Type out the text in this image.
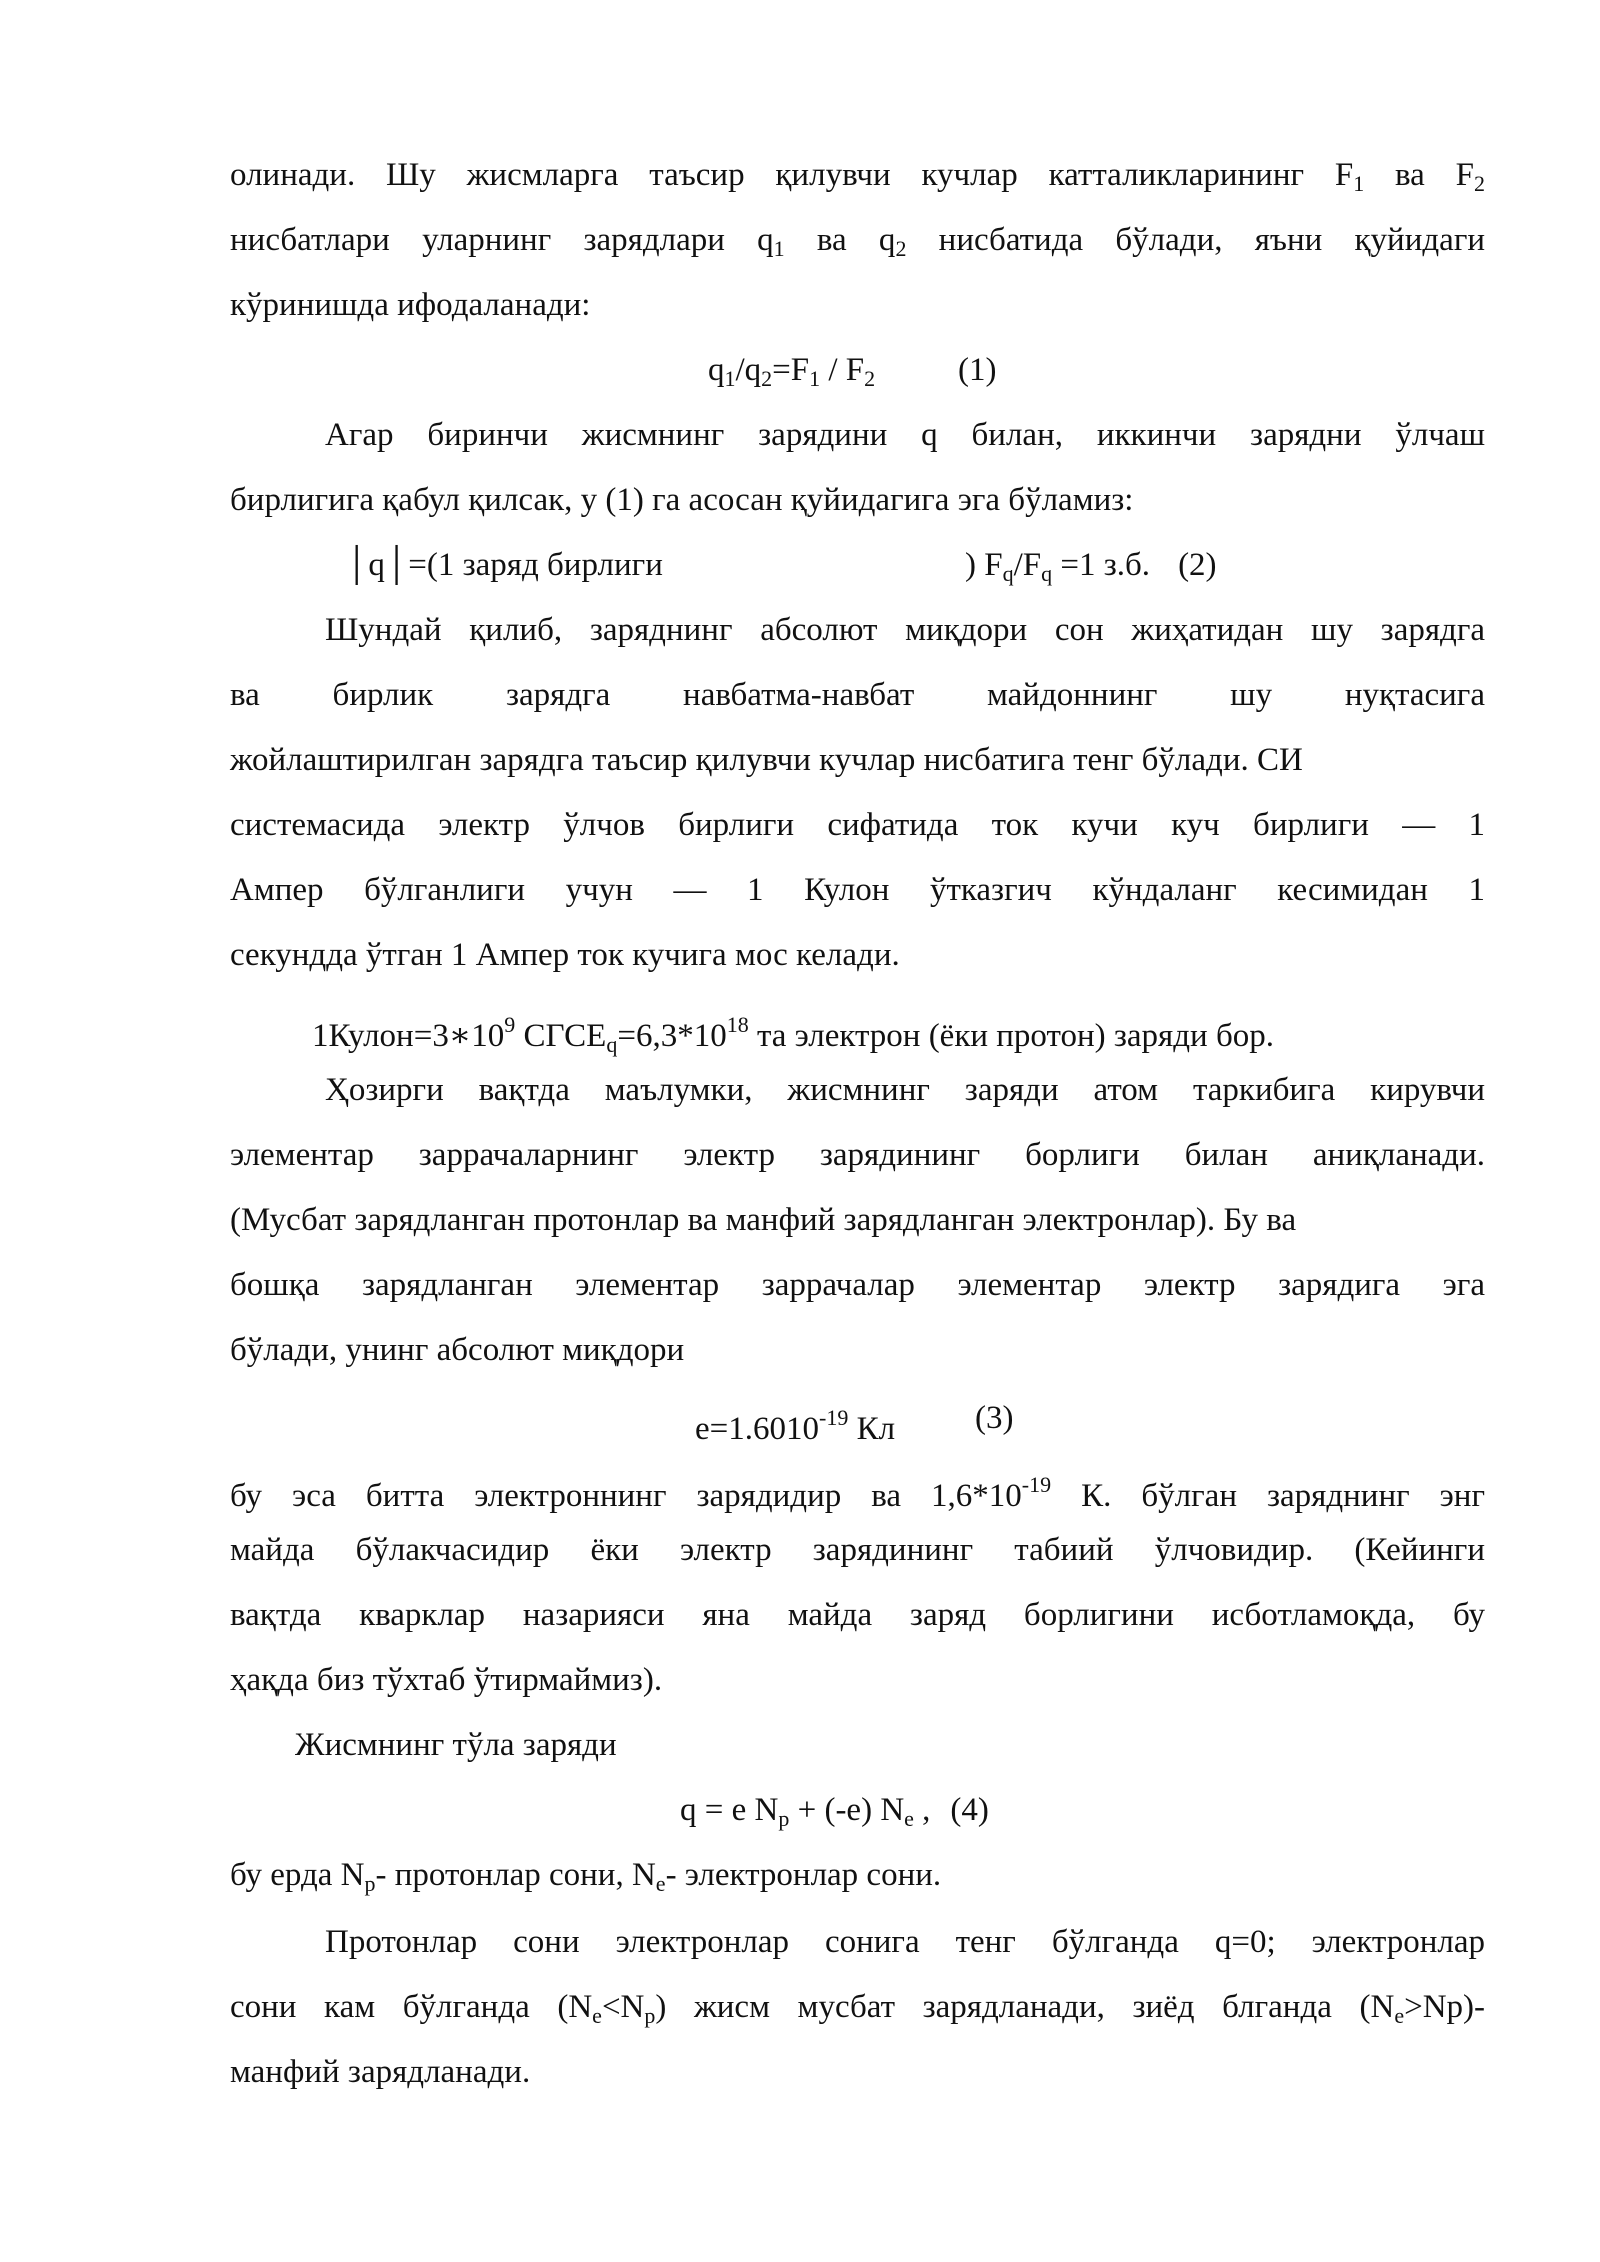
олинади. Шу жисмларга таъсир қилувчи кучлар катталикларининг $F_1$ ва $F_2$
нисбатлари уларнинг зарядлари $q_1$ ва $q_2$ нисбатида бўлади, яъни қуйидаги
кўринишда ифодаланади:
$q_1/q_2=F_1 / F_2$	(1)
Агар биринчи жисмнинг зарядини q билан, иккинчи зарядни ўлчаш
бирлигига қабул қилсак, у (1) га асосан қуйидагига эга бўламиз:
│q│=(1 заряд бирлиги	) $F_q/F_q =1$ з.б. (2)
Шундай қилиб, заряднинг абсолют миқдори сон жиҳатидан шу зарядга
ва бирлик зарядга навбатма-навбат майдоннинг шу нуқтасига
жойлаштирилган зарядга таъсир қилувчи кучлар нисбатига тенг бўлади. СИ
системасида электр ўлчов бирлиги сифатида ток кучи куч бирлиги — 1
Ампер бўлганлиги учун — 1 Кулон ўтказгич кўндаланг кесимидан 1
секундда ўтган 1 Ампер ток кучига мос келади.
$1Кулон=3∗10^9$ $СГСЕ_q=6,3*10^{18}$ та электрон (ёки протон) заряди бор.
Ҳозирги вақтда маълумки, жисмнинг заряди атом таркибига кирувчи
элементар заррачаларнинг электр зарядининг борлиги билан аниқланади.
(Мусбат зарядланган протонлар ва манфий зарядланган электронлар). Бу ва
бошқа зарядланган элементар заррачалар элементар электр зарядига эга
бўлади, унинг абсолют миқдори
$e=1.6010^{-19}$ Кл (3)
бу эса битта электроннинг зарядидир ва $1,6*10^{-19}$ К. бўлган заряднинг энг
майда бўлакчасидир ёки электр зарядининг табиий ўлчовидир. (Кейинги
вақтда кварклар назарияси яна майда заряд борлигини исботламоқда, бу
ҳақда биз тўхтаб ўтирмаймиз).
Жисмнинг тўла заряди
q = e $N_p + (-e)$ $N_e$ , (4)
бу ерда $N_p-$ протонлар сони, $N_e-$ электронлар сони.
Протонлар сони электронлар сонига тенг бўлганда q=0; электронлар
сони кам бўлганда $(N_e<N_p)$ жисм мусбат зарядланади, зиёд блганда $(N_e>Np)-$
манфий зарядланади.
